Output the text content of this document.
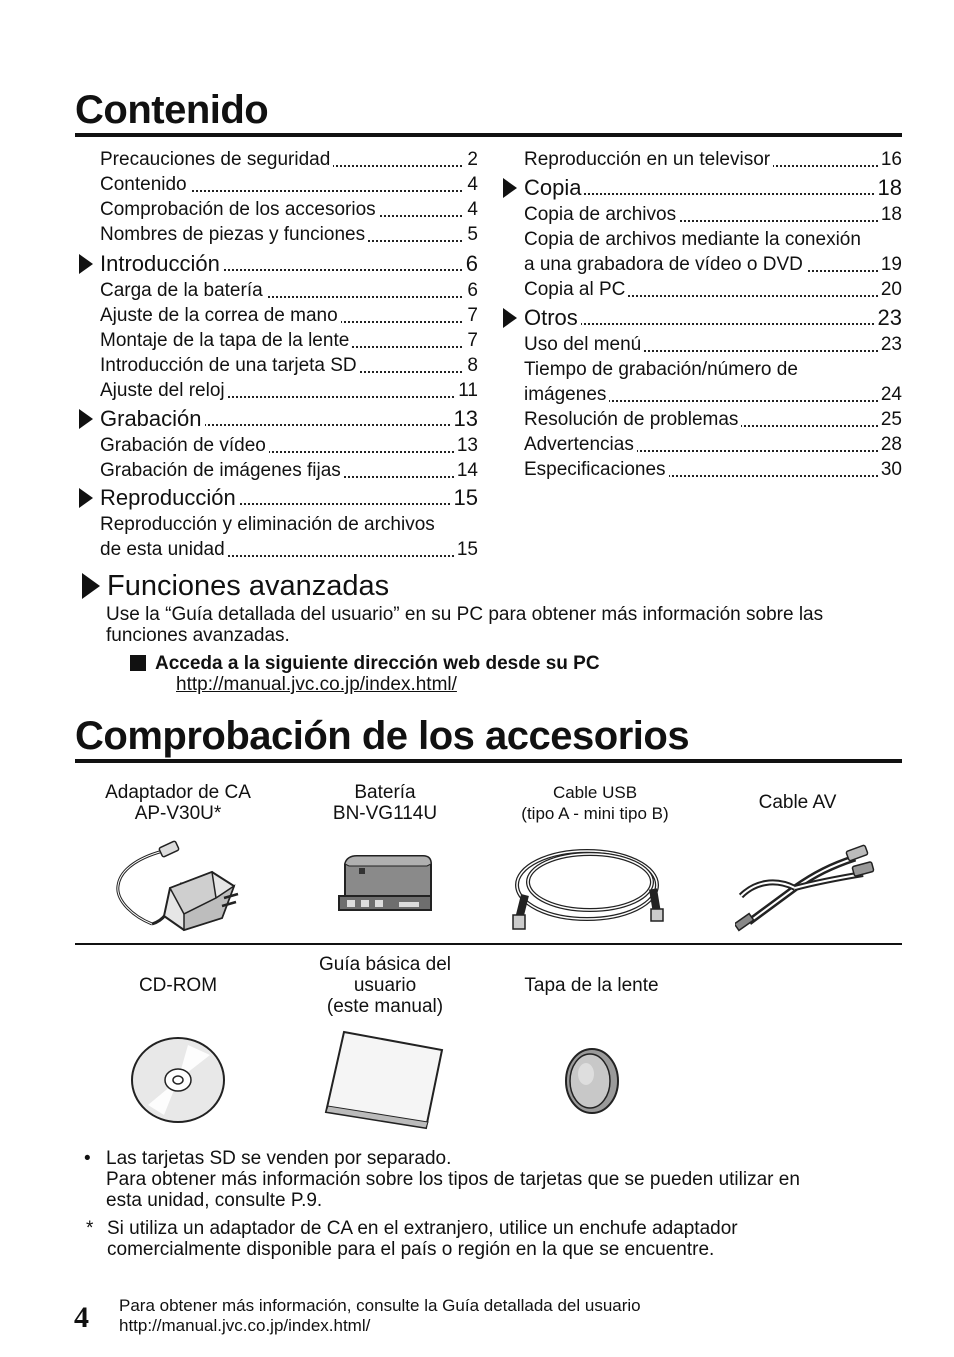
Contenido
Precauciones de seguridad	2
Contenido	4
Comprobación de los accesorios	4
Nombres de piezas y funciones	5
Introducción	6
Carga de la batería	6
Ajuste de la correa de mano	7
Montaje de la tapa de la lente	7
Introducción de una tarjeta SD	8
Ajuste del reloj	11
Grabación	13
Grabación de vídeo	13
Grabación de imágenes fijas	14
Reproducción	15
Reproducción y eliminación de archivos
de esta unidad	15
Reproducción en un televisor	16
Copia	18
Copia de archivos	18
Copia de archivos mediante la conexión
a una grabadora de vídeo o DVD	19
Copia al PC	20
Otros	23
Uso del menú	23
Tiempo de grabación/número de
imágenes	24
Resolución de problemas	25
Advertencias	28
Especificaciones	30
Funciones avanzadas
Use la “Guía detallada del usuario” en su PC para obtener más información sobre las
funciones avanzadas.
Acceda a la siguiente dirección web desde su PC
http://manual.jvc.co.jp/index.html/
Comprobación de los accesorios
Adaptador de CA
AP-V30U*
Batería
BN-VG114U
Cable USB
(tipo A - mini tipo B)
Cable AV
CD-ROM
Guía básica del
usuario
(este manual)
Tapa de la lente
• Las tarjetas SD se venden por separado.
Para obtener más información sobre los tipos de tarjetas que se pueden utilizar en
esta unidad, consulte P.9.
* Si utiliza un adaptador de CA en el extranjero, utilice un enchufe adaptador
comercialmente disponible para el país o región en la que se encuentre.
4 Para obtener más información, consulte la Guía detallada del usuario
http://manual.jvc.co.jp/index.html/
